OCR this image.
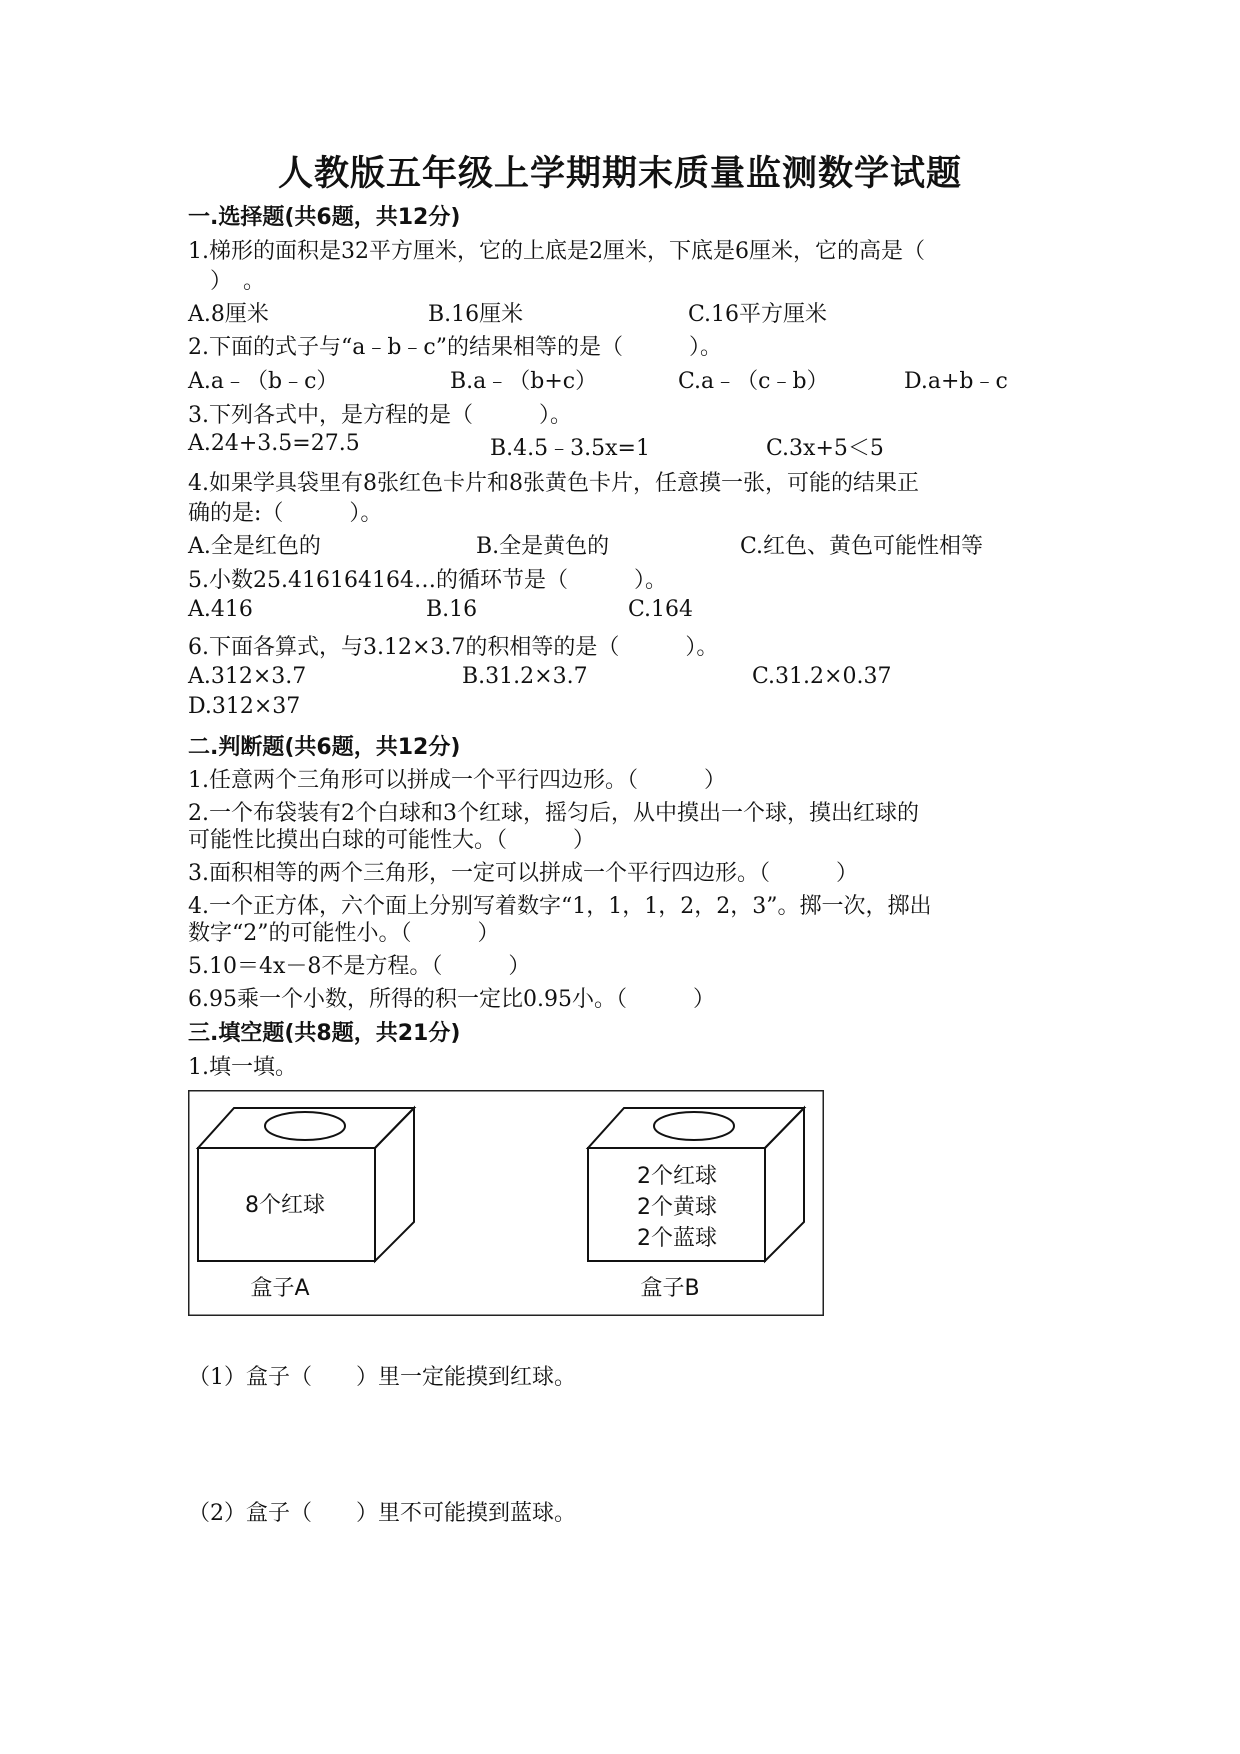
人教版五年级上学期期末质量监测数学试题
一.选择题(共6题，共12分)
1.梯形的面积是32平方厘米，它的上底是2厘米，下底是6厘米，它的高是（
　）　。
A.8厘米	B.16厘米	C.16平方厘米
2.下面的式子与“a﹣b﹣c”的结果相等的是（　　　）。
A.a﹣（b﹣c）	B.a﹣（b+c）	C.a﹣（c﹣b）	D.a+b﹣c
3.下列各式中，是方程的是（　　　）。
A.24+3.5=27.5	B.4.5﹣3.5x=1	C.3x+5＜5
4.如果学具袋里有8张红色卡片和8张黄色卡片，任意摸一张，可能的结果正
确的是:（　　　）。
A.全是红色的	B.全是黄色的	C.红色、黄色可能性相等
5.小数25.416164164…的循环节是（　　　）。
A.416	B.16	C.164
6.下面各算式，与3.12×3.7的积相等的是（　　　）。
A.312×3.7	B.31.2×3.7	C.31.2×0.37
D.312×37
二.判断题(共6题，共12分)
1.任意两个三角形可以拼成一个平行四边形。（　　　）
2.一个布袋装有2个白球和3个红球，摇匀后，从中摸出一个球，摸出红球的
可能性比摸出白球的可能性大。（　　　）
3.面积相等的两个三角形，一定可以拼成一个平行四边形。（　　　）
4.一个正方体，六个面上分别写着数字“1，1，1，2，2，3”。掷一次，掷出
数字“2”的可能性小。（　　　）
5.10＝4x－8不是方程。（　　　）
6.95乘一个小数，所得的积一定比0.95小。（　　　）
三.填空题(共8题，共21分)
1.填一填。
8个红球
盒子A
2个红球
2个黄球
2个蓝球
盒子B
（1）盒子（　　）里一定能摸到红球。
（2）盒子（　　）里不可能摸到蓝球。
